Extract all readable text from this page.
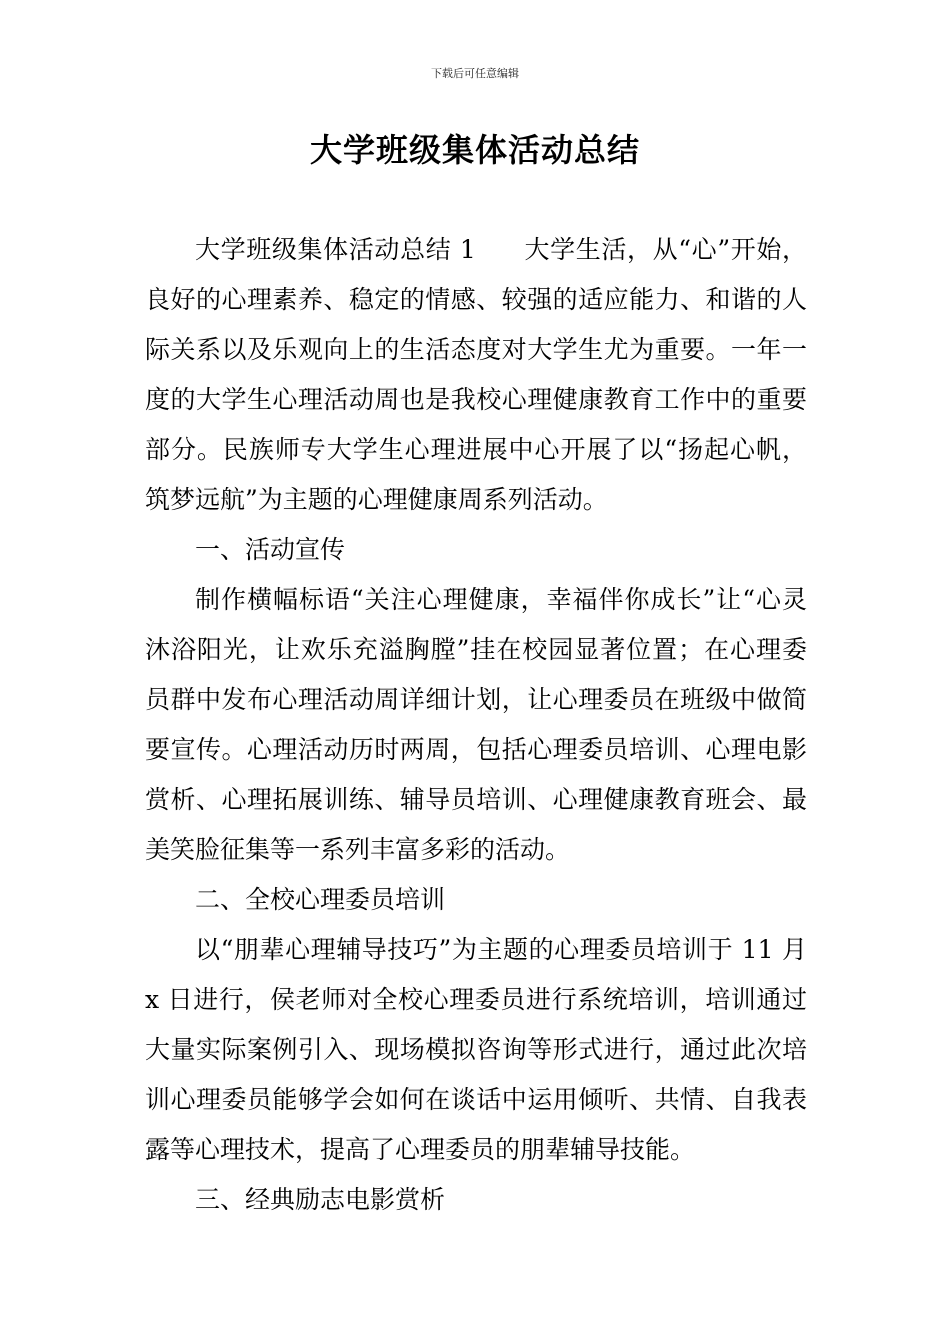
下载后可任意编辑
大学班级集体活动总结

大学班级集体活动总结 1 大学生活，从“心”开始，良好的心理素养、稳定的情感、较强的适应能力、和谐的人际关系以及乐观向上的生活态度对大学生尤为重要。一年一度的大学生心理活动周也是我校心理健康教育工作中的重要部分。民族师专大学生心理进展中心开展了以“扬起心帆，筑梦远航”为主题的心理健康周系列活动。

一、活动宣传

制作横幅标语“关注心理健康，幸福伴你成长”让“心灵沐浴阳光，让欢乐充溢胸膛”挂在校园显著位置；在心理委员群中发布心理活动周详细计划，让心理委员在班级中做简要宣传。心理活动历时两周，包括心理委员培训、心理电影赏析、心理拓展训练、辅导员培训、心理健康教育班会、最美笑脸征集等一系列丰富多彩的活动。

二、全校心理委员培训

以“朋辈心理辅导技巧”为主题的心理委员培训于 11 月 x 日进行，侯老师对全校心理委员进行系统培训，培训通过大量实际案例引入、现场模拟咨询等形式进行，通过此次培训心理委员能够学会如何在谈话中运用倾听、共情、自我表露等心理技术，提高了心理委员的朋辈辅导技能。

三、经典励志电影赏析
